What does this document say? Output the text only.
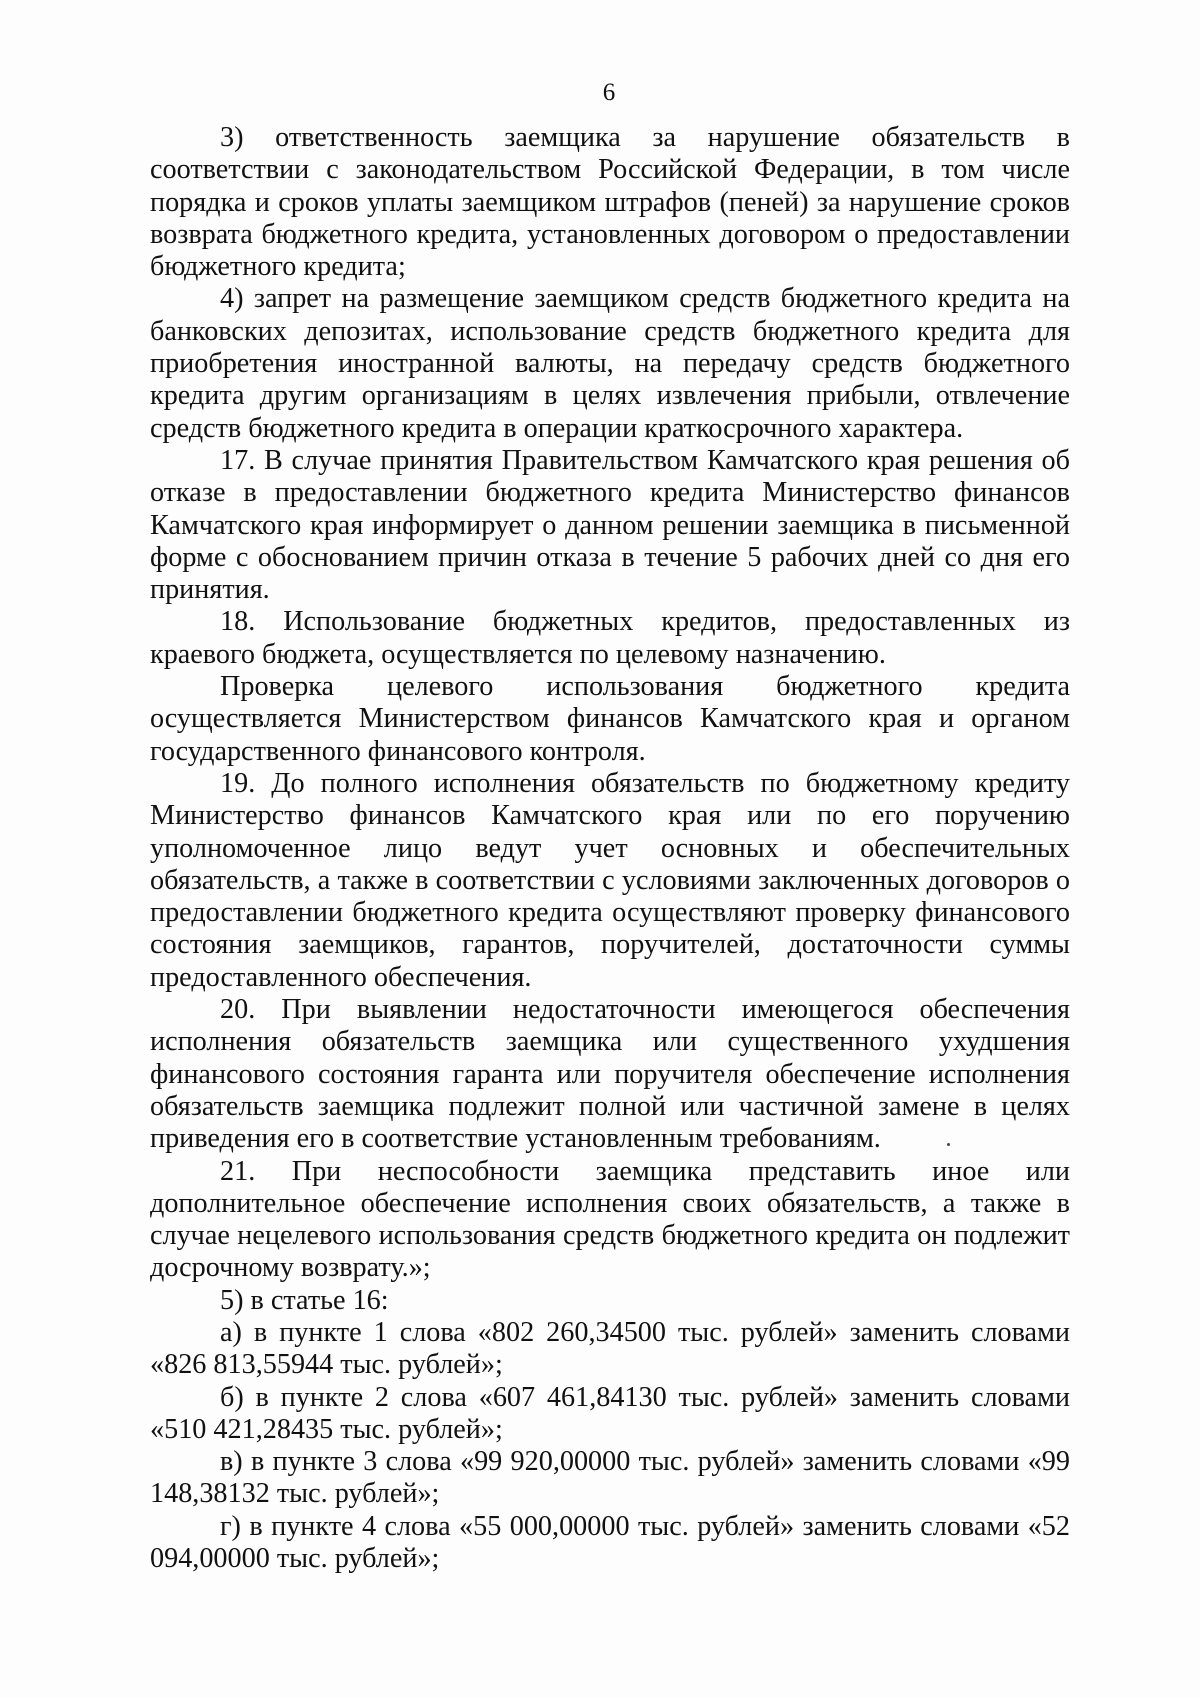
6

3) ответственность заемщика за нарушение обязательств в соответствии с законодательством Российской Федерации, в том числе порядка и сроков уплаты заемщиком штрафов (пеней) за нарушение сроков возврата бюджетного кредита, установленных договором о предоставлении бюджетного кредита;

4) запрет на размещение заемщиком средств бюджетного кредита на банковских депозитах, использование средств бюджетного кредита для приобретения иностранной валюты, на передачу средств бюджетного кредита другим организациям в целях извлечения прибыли, отвлечение средств бюджетного кредита в операции краткосрочного характера.

17. В случае принятия Правительством Камчатского края решения об отказе в предоставлении бюджетного кредита Министерство финансов Камчатского края информирует о данном решении заемщика в письменной форме с обоснованием причин отказа в течение 5 рабочих дней со дня его принятия.

18. Использование бюджетных кредитов, предоставленных из краевого бюджета, осуществляется по целевому назначению.

Проверка целевого использования бюджетного кредита осуществляется Министерством финансов Камчатского края и органом государственного финансового контроля.

19. До полного исполнения обязательств по бюджетному кредиту Министерство финансов Камчатского края или по его поручению уполномоченное лицо ведут учет основных и обеспечительных обязательств, а также в соответствии с условиями заключенных договоров о предоставлении бюджетного кредита осуществляют проверку финансового состояния заемщиков, гарантов, поручителей, достаточности суммы предоставленного обеспечения.

20. При выявлении недостаточности имеющегося обеспечения исполнения обязательств заемщика или существенного ухудшения финансового состояния гаранта или поручителя обеспечение исполнения обязательств заемщика подлежит полной или частичной замене в целях приведения его в соответствие установленным требованиям.

21. При неспособности заемщика представить иное или дополнительное обеспечение исполнения своих обязательств, а также в случае нецелевого использования средств бюджетного кредита он подлежит досрочному возврату.»;

5) в статье 16:

а) в пункте 1 слова «802 260,34500 тыс. рублей» заменить словами «826 813,55944 тыс. рублей»;

б) в пункте 2 слова «607 461,84130 тыс. рублей» заменить словами «510 421,28435 тыс. рублей»;

в) в пункте 3 слова «99 920,00000 тыс. рублей» заменить словами «99 148,38132 тыс. рублей»;

г) в пункте 4 слова «55 000,00000 тыс. рублей» заменить словами «52 094,00000 тыс. рублей»;
